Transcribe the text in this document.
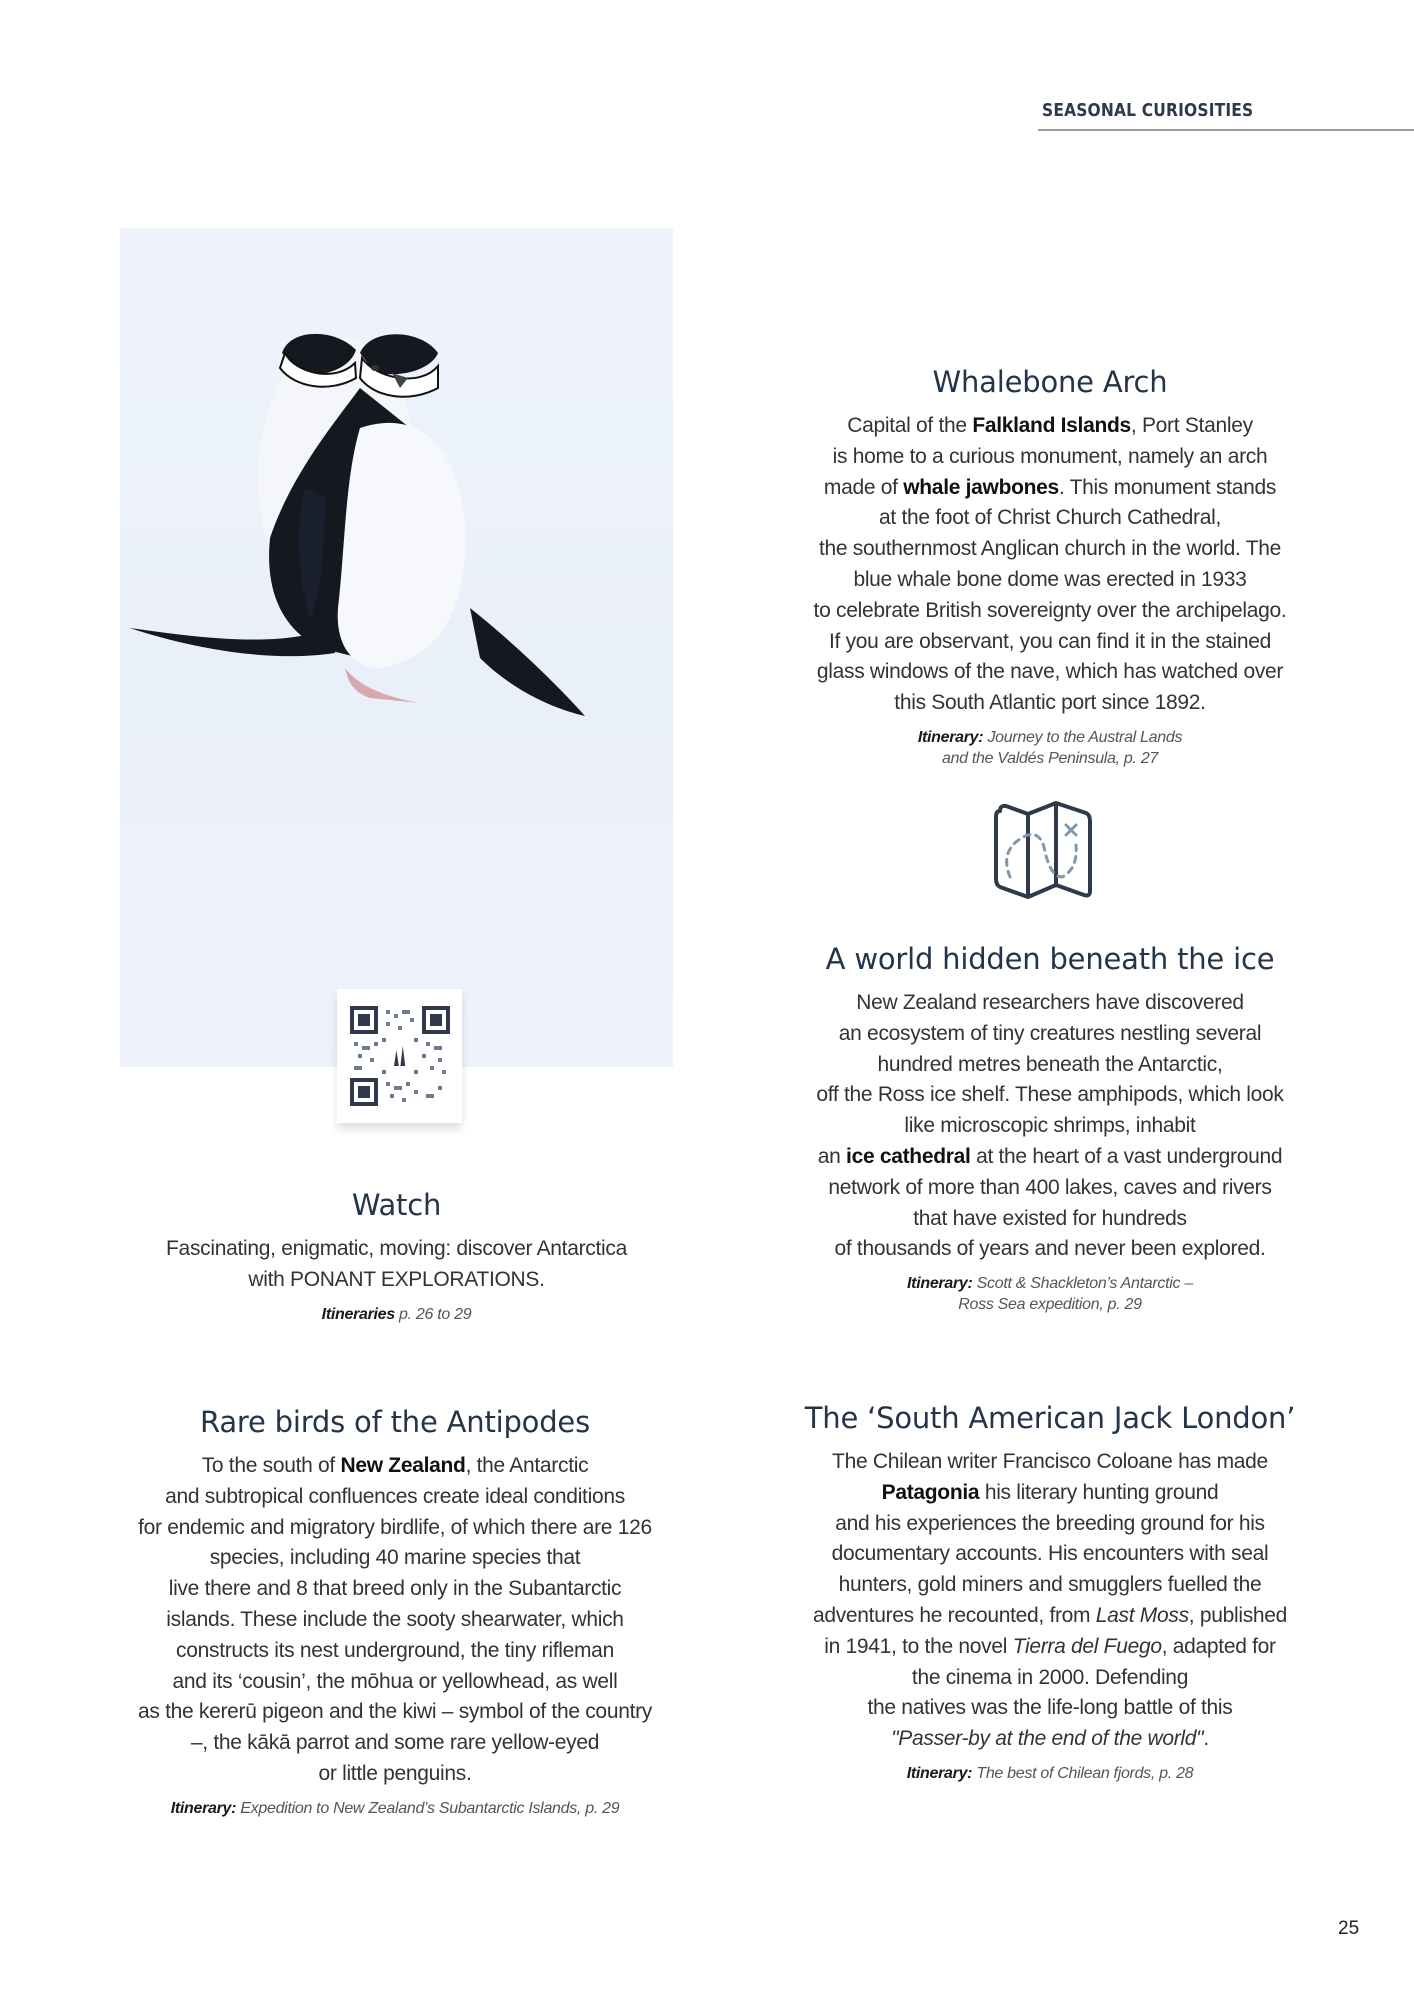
SEASONAL CURIOSITIES
Whalebone Arch
Capital of the Falkland Islands, Port Stanley
is home to a curious monument, namely an arch
made of whale jawbones. This monument stands
at the foot of Christ Church Cathedral,
the southernmost Anglican church in the world. The
blue whale bone dome was erected in 1933
to celebrate British sovereignty over the archipelago.
If you are observant, you can find it in the stained
glass windows of the nave, which has watched over
this South Atlantic port since 1892.
Itinerary: Journey to the Austral Lands
and the Valdés Peninsula, p. 27
A world hidden beneath the ice
New Zealand researchers have discovered
an ecosystem of tiny creatures nestling several
hundred metres beneath the Antarctic,
off the Ross ice shelf. These amphipods, which look
like microscopic shrimps, inhabit
an ice cathedral at the heart of a vast underground
network of more than 400 lakes, caves and rivers
that have existed for hundreds
of thousands of years and never been explored.
Itinerary: Scott & Shackleton’s Antarctic –
Ross Sea expedition, p. 29
Watch
Fascinating, enigmatic, moving: discover Antarctica
with PONANT EXPLORATIONS.
Itineraries p. 26 to 29
Rare birds of the Antipodes
To the south of New Zealand, the Antarctic
and subtropical confluences create ideal conditions
for endemic and migratory birdlife, of which there are 126
species, including 40 marine species that
live there and 8 that breed only in the Subantarctic
islands. These include the sooty shearwater, which
constructs its nest underground, the tiny rifleman
and its ‘cousin’, the mōhua or yellowhead, as well
as the kererū pigeon and the kiwi – symbol of the country
–, the kākā parrot and some rare yellow-eyed
or little penguins.
Itinerary: Expedition to New Zealand’s Subantarctic Islands, p. 29
The ‘South American Jack London’
The Chilean writer Francisco Coloane has made
Patagonia his literary hunting ground
and his experiences the breeding ground for his
documentary accounts. His encounters with seal
hunters, gold miners and smugglers fuelled the
adventures he recounted, from Last Moss, published
in 1941, to the novel Tierra del Fuego, adapted for
the cinema in 2000. Defending
the natives was the life-long battle of this
"Passer-by at the end of the world".
Itinerary: The best of Chilean fjords, p. 28
25
